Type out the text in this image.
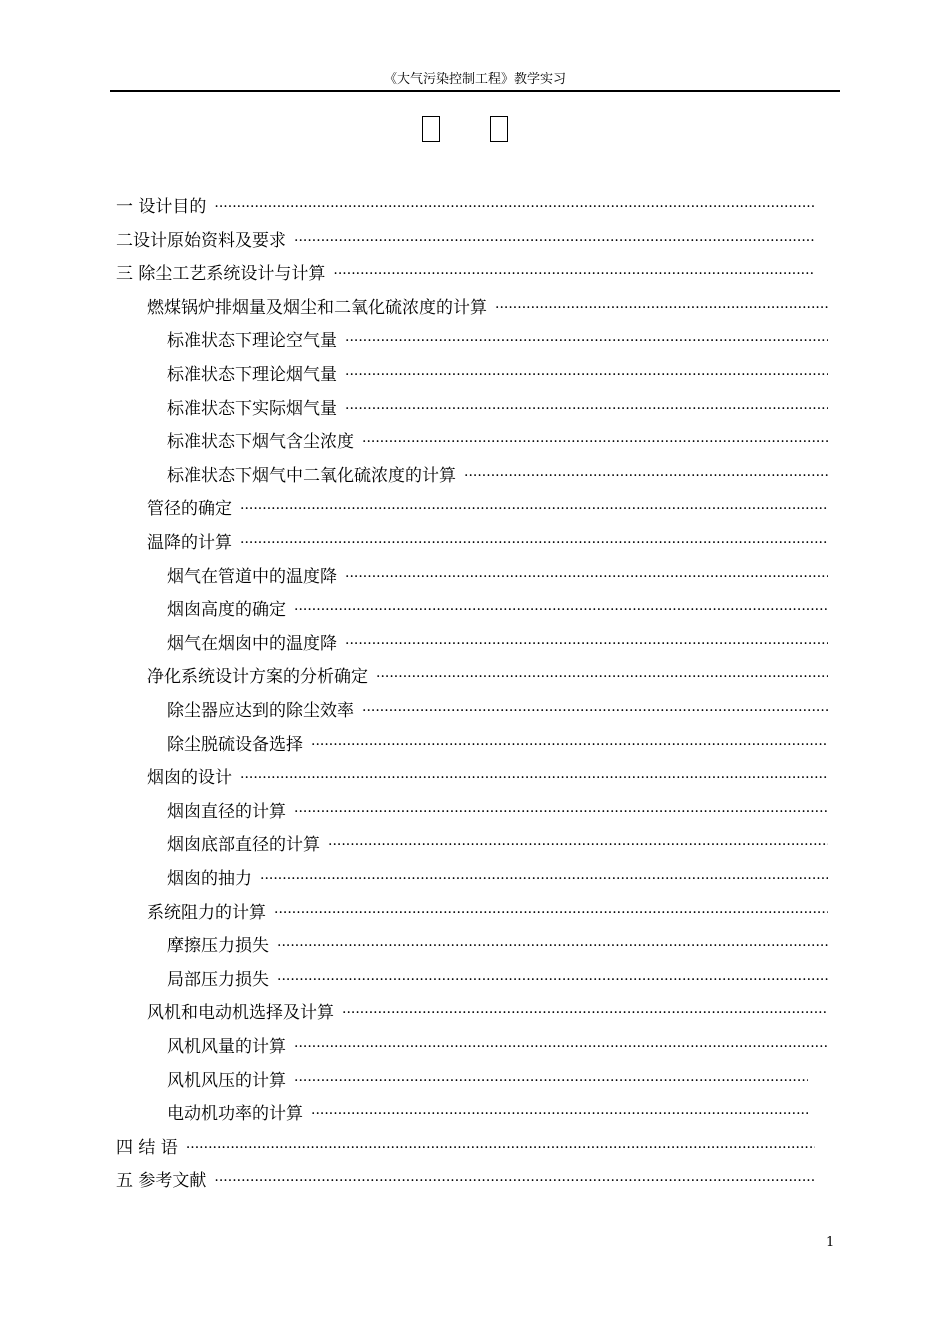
《大气污染控制工程》教学实习
一 设计目的
·····
二设计原始资料及要求
·····
三 除尘工艺系统设计与计算
·····
燃煤锅炉排烟量及烟尘和二氧化硫浓度的计算
·····
标准状态下理论空气量
·····
标准状态下理论烟气量
·····
标准状态下实际烟气量
·····
标准状态下烟气含尘浓度
·····
标准状态下烟气中二氧化硫浓度的计算
·····
管径的确定
·····
温降的计算
·····
烟气在管道中的温度降
·····
烟囱高度的确定
·····
烟气在烟囱中的温度降
·····
净化系统设计方案的分析确定
·····
除尘器应达到的除尘效率
·····
除尘脱硫设备选择
·····
烟囱的设计
·····
烟囱直径的计算
·····
烟囱底部直径的计算
·····
烟囱的抽力
·····
系统阻力的计算
·····
摩擦压力损失
·····
局部压力损失
·····
风机和电动机选择及计算
·····
风机风量的计算
·····
风机风压的计算
·····
电动机功率的计算
·····
四 结 语
·····
五 参考文献
·····
1
